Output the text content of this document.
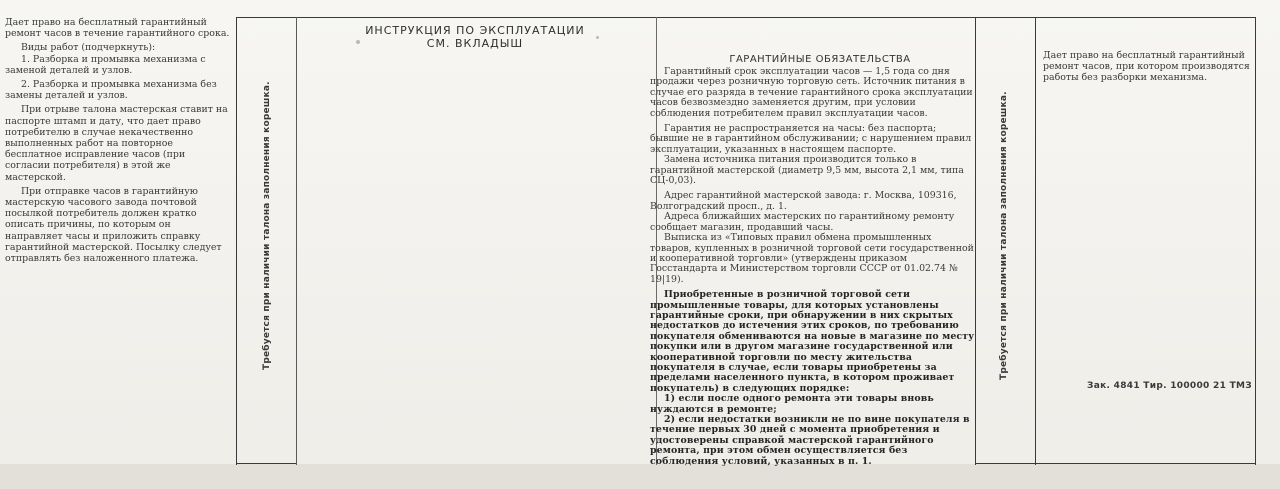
Дает право на бесплатный гарантийный ремонт часов в течение гарантийного срока.

Виды работ (подчеркнуть):

1. Разборка и промывка механизма с заменой деталей и узлов.

2. Разборка и промывка механизма без замены деталей и узлов.

При отрыве талона мастерская ставит на паспорте штамп и дату, что дает право потребителю в случае некачественно выполненных работ на повторное бесплатное исправление часов (при согласии потребителя) в этой же мастерской.

При отправке часов в гарантийную мастерскую часового завода почтовой посылкой потребитель должен кратко описать причины, по которым он направляет часы и приложить справку гарантийной мастерской. Посылку следует отправлять без наложенного платежа.	Требуется при наличии талона заполнения корешка.	Требуется при наличии талона заполнения корешка.
ИНСТРУКЦИЯ ПО ЭКСПЛУАТАЦИИ
СМ. ВКЛАДЫШ
ГАРАНТИЙНЫЕ ОБЯЗАТЕЛЬСТВА

Гарантийный срок эксплуатации часов — 1,5 года со дня продажи через розничную торговую сеть. Источник питания в случае его разряда в течение гарантийного срока эксплуатации часов безвозмездно заменяется другим, при условии соблюдения потребителем правил эксплуатации часов.

Гарантия не распространяется на часы: без паспорта; бывшие не в гарантийном обслуживании; с нарушением правил эксплуатации, указанных в настоящем паспорте.

Замена источника питания производится только в гарантийной мастерской (диаметр 9,5 мм, высота 2,1 мм, типа СЦ-0,03).

Адрес гарантийной мастерской завода: г. Москва, 109316, Волгоградский просп., д. 1.

Адреса ближайших мастерских по гарантийному ремонту сообщает магазин, продавший часы.

Выписка из «Типовых правил обмена промышленных товаров, купленных в розничной торговой сети государственной и кооперативной торговли» (утверждены приказом Госстандарта и Министерством торговли СССР от 01.02.74 № 19|19).

Приобретенные в розничной торговой сети промышленные товары, для которых установлены гарантийные сроки, при обнаружении в них скрытых недостатков до истечения этих сроков, по требованию покупателя обмениваются на новые в магазине по месту покупки или в другом магазине государственной или кооперативной торговли по месту жительства покупателя в случае, если товары приобретены за пределами населенного пункта, в котором проживает покупатель) в следующих порядке:

1) если после одного ремонта эти товары вновь нуждаются в ремонте;

2) если недостатки возникли не по вине покупателя в течение первых 30 дней с момента приобретения и удостоверены справкой мастерской гарантийного ремонта, при этом обмен осуществляется без соблюдения условий, указанных в п. 1.

Дает право на бесплатный гарантийный ремонт часов, при котором производятся работы без разборки механизма.
Зак. 4841 Тир. 100000 21 ТМЗ
